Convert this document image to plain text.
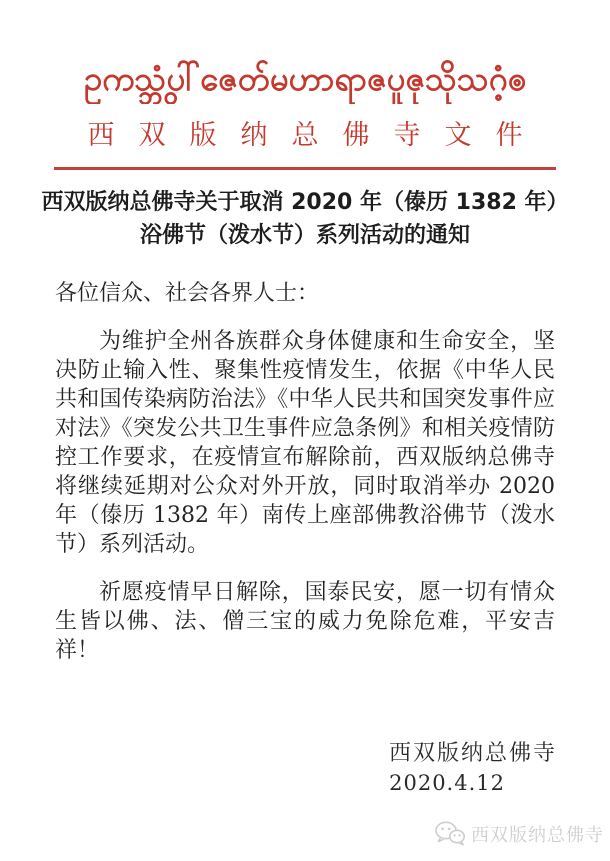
ဥကသ္ဘွံပါ်ဇေတ်မဟာရာဇပူဇုသိုသဂံ့ၜ
西双版纳总佛寺文件
西双版纳总佛寺关于取消 2020 年（傣历 1382 年）
浴佛节（泼水节）系列活动的通知
各位信众、社会各界人士：

为维护全州各族群众身体健康和生命安全，坚决防止输入性、聚集性疫情发生，依据《中华人民共和国传染病防治法》《中华人民共和国突发事件应对法》《突发公共卫生事件应急条例》和相关疫情防控工作要求，在疫情宣布解除前，西双版纳总佛寺将继续延期对公众对外开放，同时取消举办 2020 年（傣历 1382 年）南传上座部佛教浴佛节（泼水节）系列活动。

祈愿疫情早日解除，国泰民安，愿一切有情众生皆以佛、法、僧三宝的威力免除危难，平安吉祥！

西双版纳总佛寺
2020.4.12
西双版纳总佛寺
